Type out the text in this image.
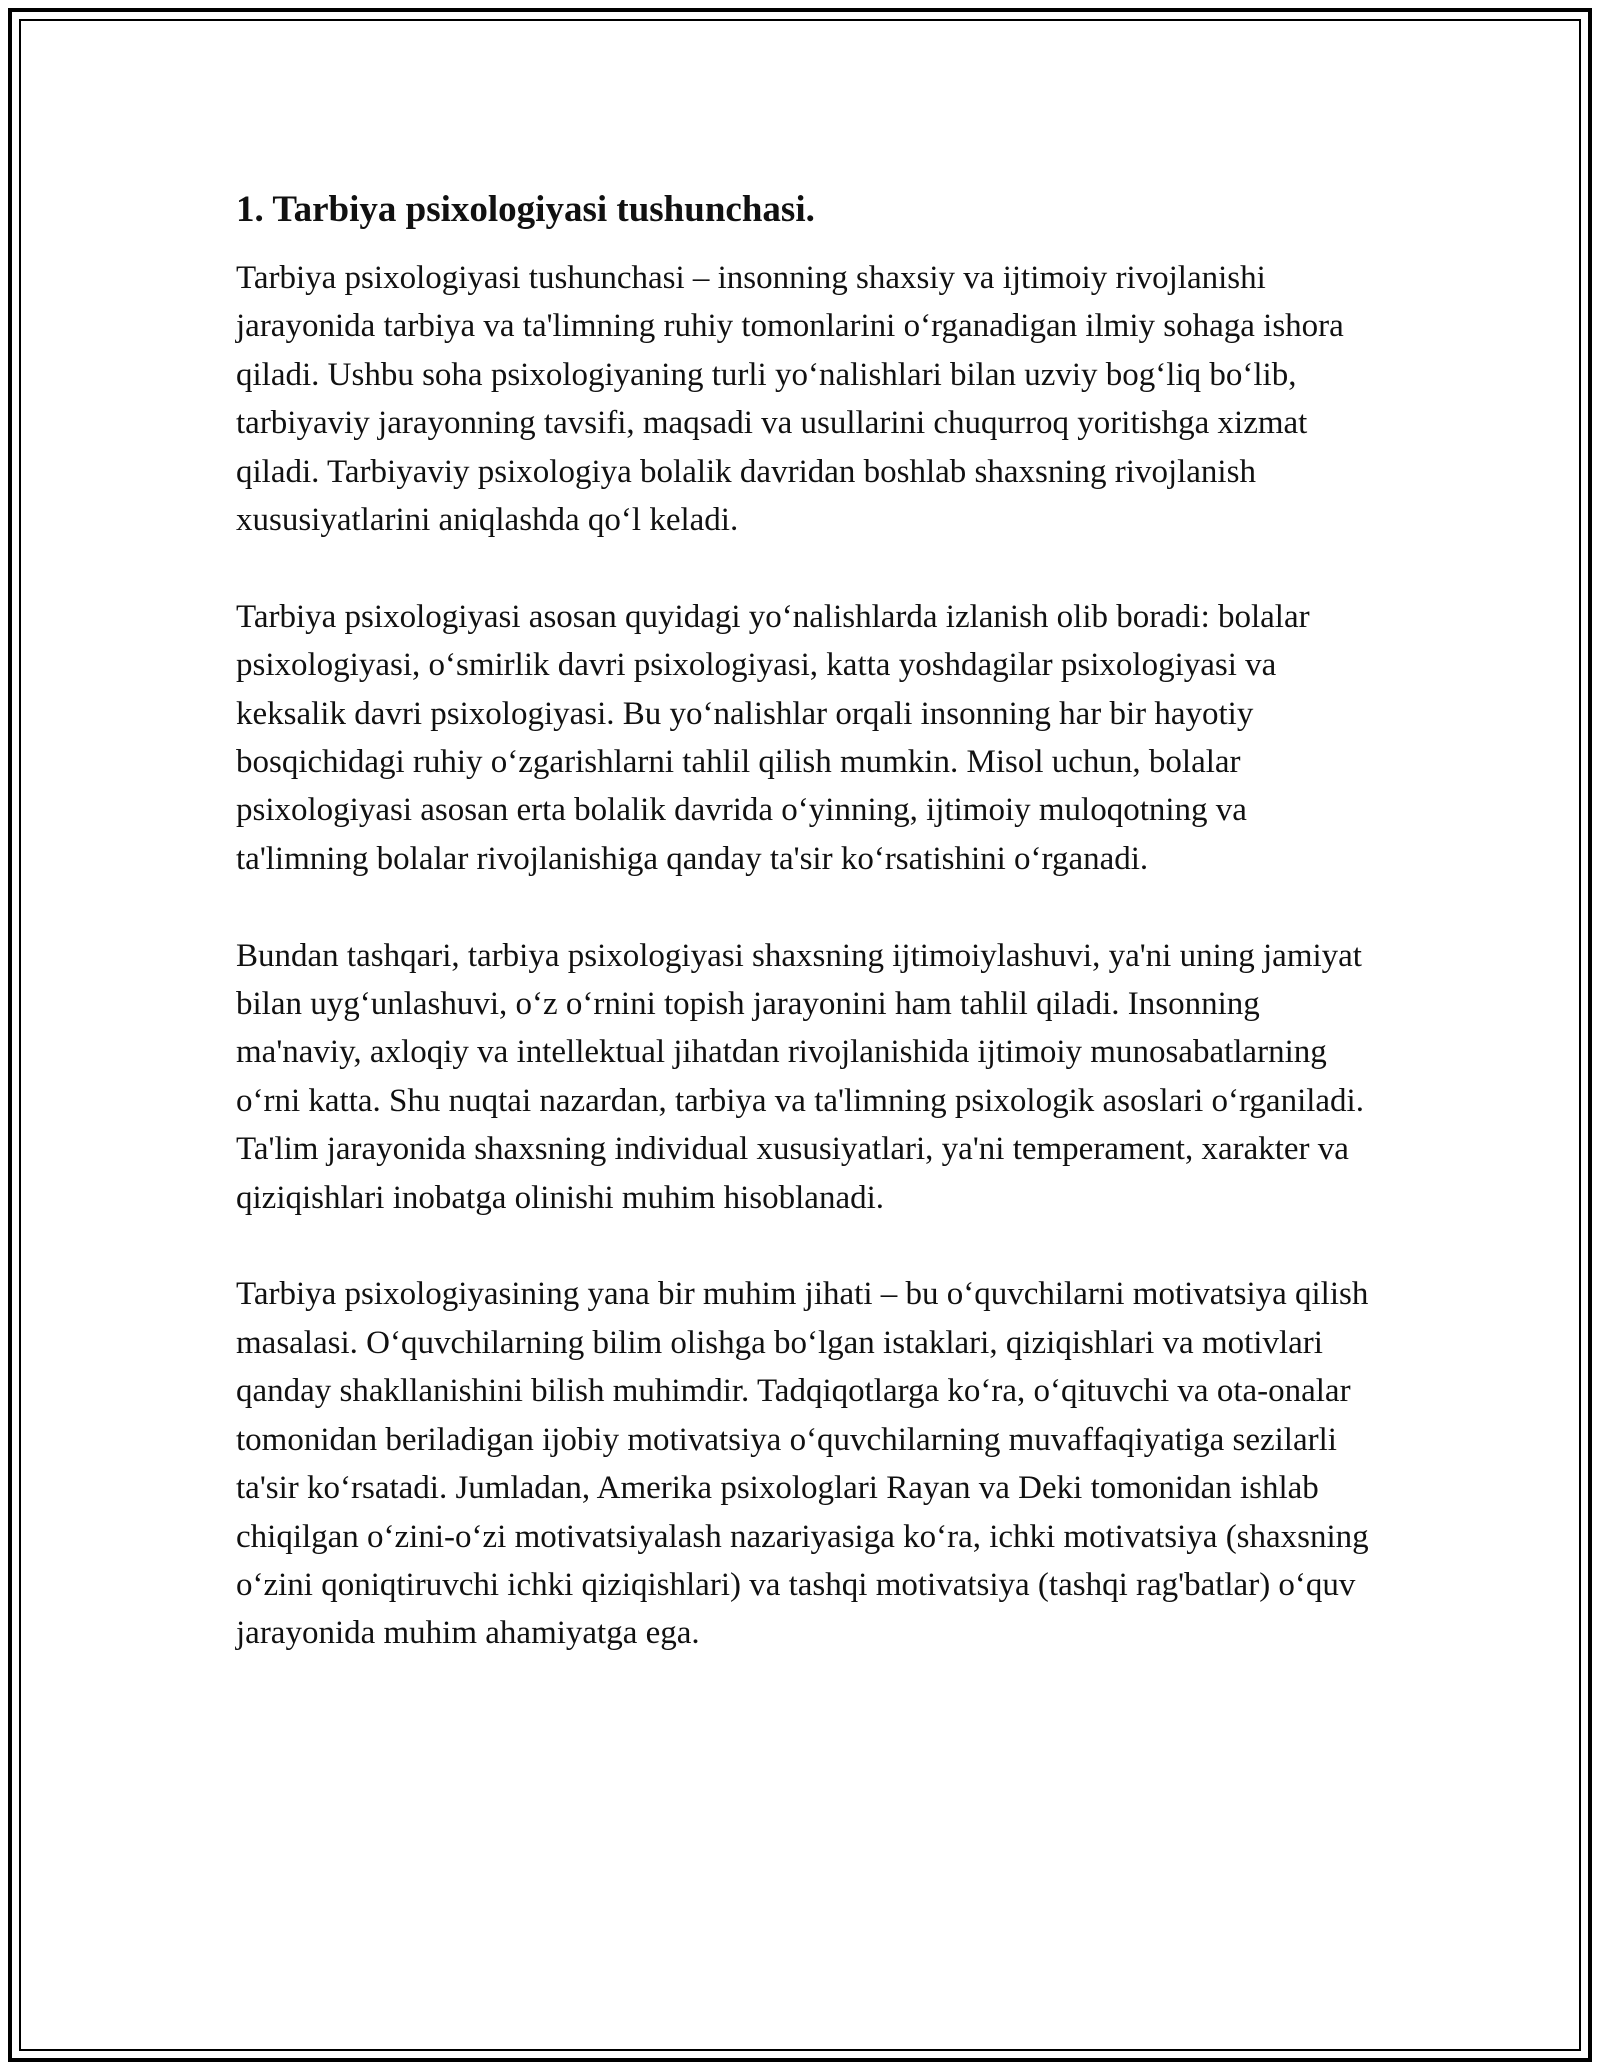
1. Tarbiya psixologiyasi tushunchasi.

Tarbiya psixologiyasi tushunchasi – insonning shaxsiy va ijtimoiy rivojlanishi jarayonida tarbiya va ta'limning ruhiy tomonlarini oʻrganadigan ilmiy sohaga ishora qiladi. Ushbu soha psixologiyaning turli yoʻnalishlari bilan uzviy bogʻliq boʻlib, tarbiyaviy jarayonning tavsifi, maqsadi va usullarini chuqurroq yoritishga xizmat qiladi. Tarbiyaviy psixologiya bolalik davridan boshlab shaxsning rivojlanish xususiyatlarini aniqlashda qoʻl keladi.

Tarbiya psixologiyasi asosan quyidagi yoʻnalishlarda izlanish olib boradi: bolalar psixologiyasi, oʻsmirlik davri psixologiyasi, katta yoshdagilar psixologiyasi va keksalik davri psixologiyasi. Bu yoʻnalishlar orqali insonning har bir hayotiy bosqichidagi ruhiy oʻzgarishlarni tahlil qilish mumkin. Misol uchun, bolalar psixologiyasi asosan erta bolalik davrida oʻyinning, ijtimoiy muloqotning va ta'limning bolalar rivojlanishiga qanday ta'sir koʻrsatishini oʻrganadi.

Bundan tashqari, tarbiya psixologiyasi shaxsning ijtimoiylashuvi, ya'ni uning jamiyat bilan uygʻunlashuvi, oʻz oʻrnini topish jarayonini ham tahlil qiladi. Insonning ma'naviy, axloqiy va intellektual jihatdan rivojlanishida ijtimoiy munosabatlarning oʻrni katta. Shu nuqtai nazardan, tarbiya va ta'limning psixologik asoslari oʻrganiladi. Ta'lim jarayonida shaxsning individual xususiyatlari, ya'ni temperament, xarakter va qiziqishlari inobatga olinishi muhim hisoblanadi.

Tarbiya psixologiyasining yana bir muhim jihati – bu oʻquvchilarni motivatsiya qilish masalasi. Oʻquvchilarning bilim olishga boʻlgan istaklari, qiziqishlari va motivlari qanday shakllanishini bilish muhimdir. Tadqiqotlarga koʻra, oʻqituvchi va ota-onalar tomonidan beriladigan ijobiy motivatsiya oʻquvchilarning muvaffaqiyatiga sezilarli ta'sir koʻrsatadi. Jumladan, Amerika psixologlari Rayan va Deki tomonidan ishlab chiqilgan oʻzini-oʻzi motivatsiyalash nazariyasiga koʻra, ichki motivatsiya (shaxsning oʻzini qoniqtiruvchi ichki qiziqishlari) va tashqi motivatsiya (tashqi rag'batlar) oʻquv jarayonida muhim ahamiyatga ega.
